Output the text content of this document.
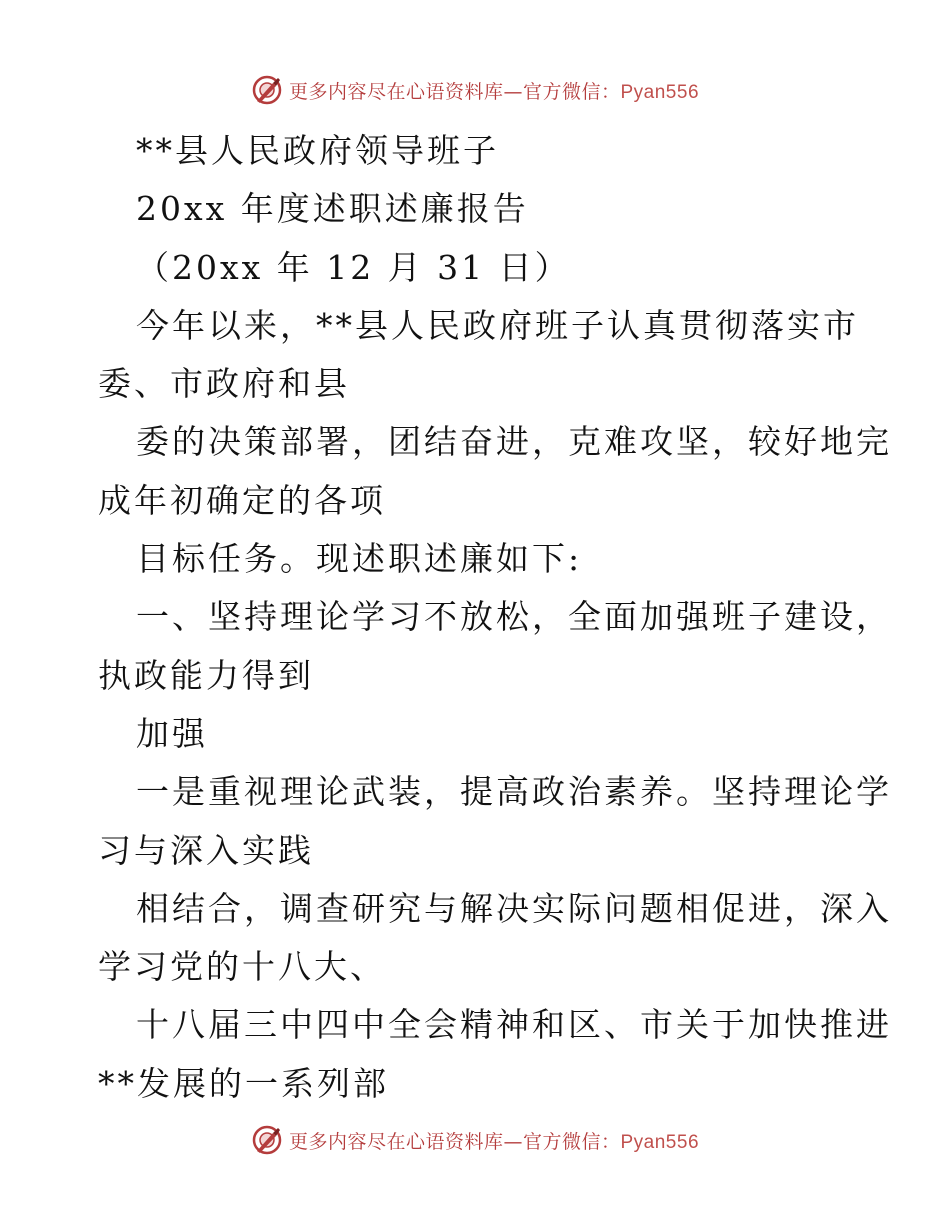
更多内容尽在心语资料库—官方微信：Pyan556
**县人民政府领导班子
20xx 年度述职述廉报告
（20xx 年 12 月 31 日）
今年以来，**县人民政府班子认真贯彻落实市
委、市政府和县
委的决策部署，团结奋进，克难攻坚，较好地完
成年初确定的各项
目标任务。现述职述廉如下:
一、坚持理论学习不放松，全面加强班子建设，
执政能力得到
加强
一是重视理论武装，提高政治素养。坚持理论学
习与深入实践
相结合，调查研究与解决实际问题相促进，深入
学习党的十八大、
十八届三中四中全会精神和区、市关于加快推进
**发展的一系列部
更多内容尽在心语资料库—官方微信：Pyan556
